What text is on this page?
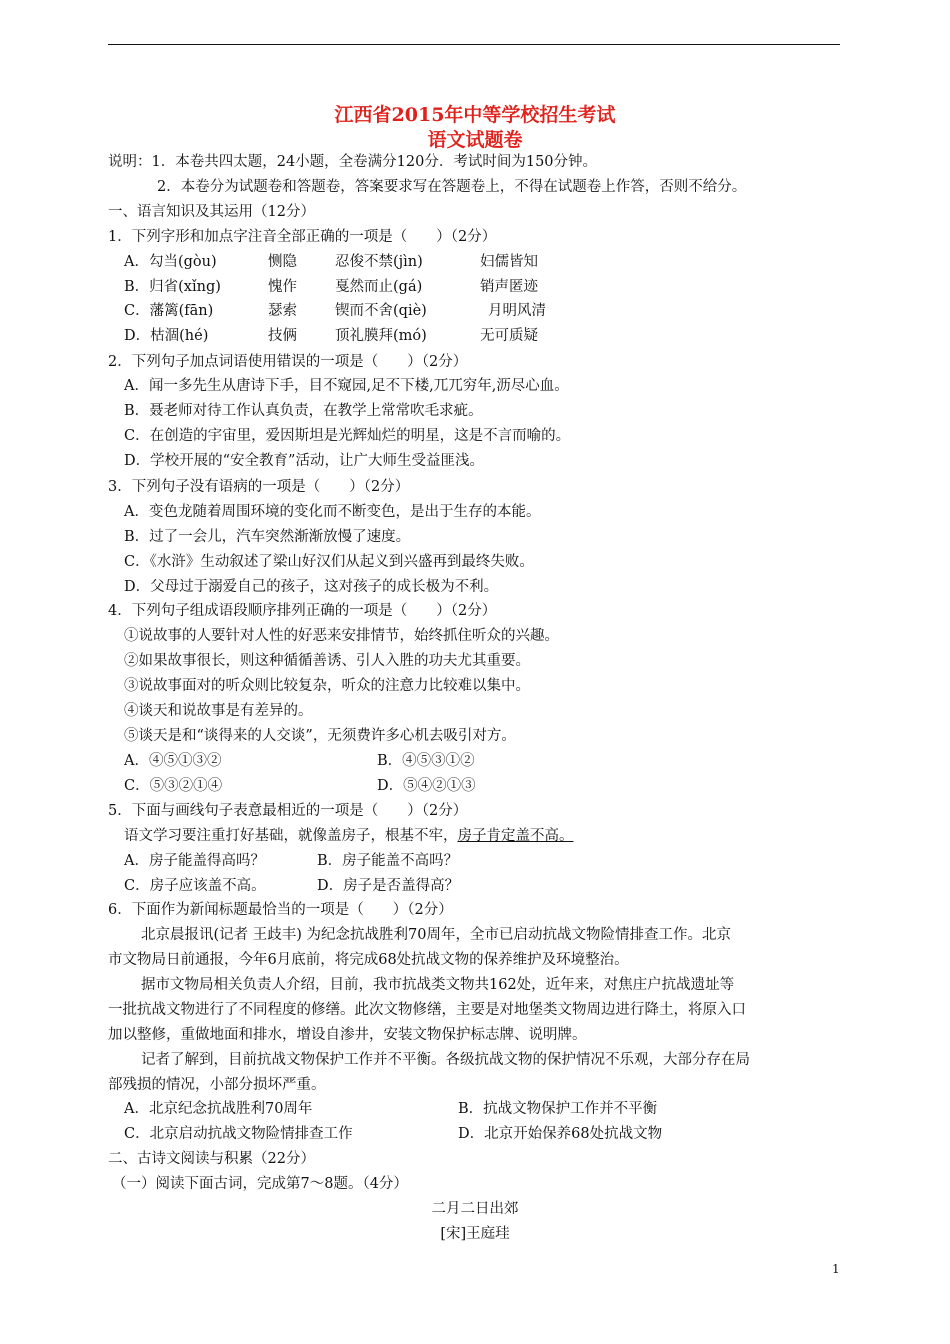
江西省2015年中等学校招生考试
语文试题卷
说明：1．本卷共四太题，24小题，全卷满分120分．考试时间为150分钟。
2．本卷分为试题卷和答题卷，答案要求写在答题卷上，不得在试题卷上作答，否则不给分。
一、语言知识及其运用（12分）
1．下列字形和加点字注音全部正确的一项是（　　）（2分）
A．勾当(gòu)	恻隐	忍俊不禁(jìn)	妇儒皆知
B．归省(xǐng)	愧作	戛然而止(gá)	销声匿迹
C．藩篱(fān)	瑟索	锲而不舍(qiè)	月明风清
D．枯涸(hé)	技俩	顶礼膜拜(mó)	无可质疑
2．下列句子加点词语使用错误的一项是（　　）（2分）
A．闻一多先生从唐诗下手，目不窥园,足不下楼,兀兀穷年,沥尽心血。
B．聂老师对待工作认真负责，在教学上常常吹毛求疵。
C．在创造的宇宙里，爱因斯坦是光辉灿烂的明星，这是不言而喻的。
D．学校开展的“安全教育”活动，让广大师生受益匪浅。
3．下列句子没有语病的一项是（　　）（2分）
A．变色龙随着周围环境的变化而不断变色，是出于生存的本能。
B．过了一会儿，汽车突然渐渐放慢了速度。
C．《水浒》生动叙述了梁山好汉们从起义到兴盛再到最终失败。
D．父母过于溺爱自己的孩子，这对孩子的成长极为不利。
4．下列句子组成语段顺序排列正确的一项是（　　）（2分）
①说故事的人要针对人性的好恶来安排情节，始终抓住听众的兴趣。
②如果故事很长，则这种循循善诱、引人入胜的功夫尤其重要。
③说故事面对的听众则比较复杂，听众的注意力比较难以集中。
④谈天和说故事是有差异的。
⑤谈天是和“谈得来的人交谈”，无须费许多心机去吸引对方。
A．④⑤①③②	B．④⑤③①②
C．⑤③②①④	D．⑤④②①③
5．下面与画线句子表意最相近的一项是（　　）（2分）
语文学习要注重打好基础，就像盖房子，根基不牢，房子肯定盖不高。
A．房子能盖得高吗？	B．房子能盖不高吗？
C．房子应该盖不高。	D．房子是否盖得高？
6．下面作为新闻标题最恰当的一项是（　　）（2分）
北京晨报讯(记者 王歧丰) 为纪念抗战胜利70周年，全市已启动抗战文物险情排查工作。北京
市文物局日前通报，今年6月底前，将完成68处抗战文物的保养维护及环境整治。
据市文物局相关负责人介绍，目前，我市抗战类文物共162处，近年来，对焦庄户抗战遗址等
一批抗战文物进行了不同程度的修缮。此次文物修缮，主要是对地堡类文物周边进行降土，将原入口
加以整修，重做地面和排水，增设自渗井，安装文物保护标志牌、说明牌。
记者了解到，目前抗战文物保护工作并不平衡。各级抗战文物的保护情况不乐观，大部分存在局
部残损的情况，小部分损坏严重。
A．北京纪念抗战胜利70周年	B．抗战文物保护工作并不平衡
C．北京启动抗战文物险情排查工作	D．北京开始保养68处抗战文物
二、古诗文阅读与积累（22分）
（一）阅读下面古词，完成第7～8题。（4分）
二月二日出郊
[宋]王庭珪
1
